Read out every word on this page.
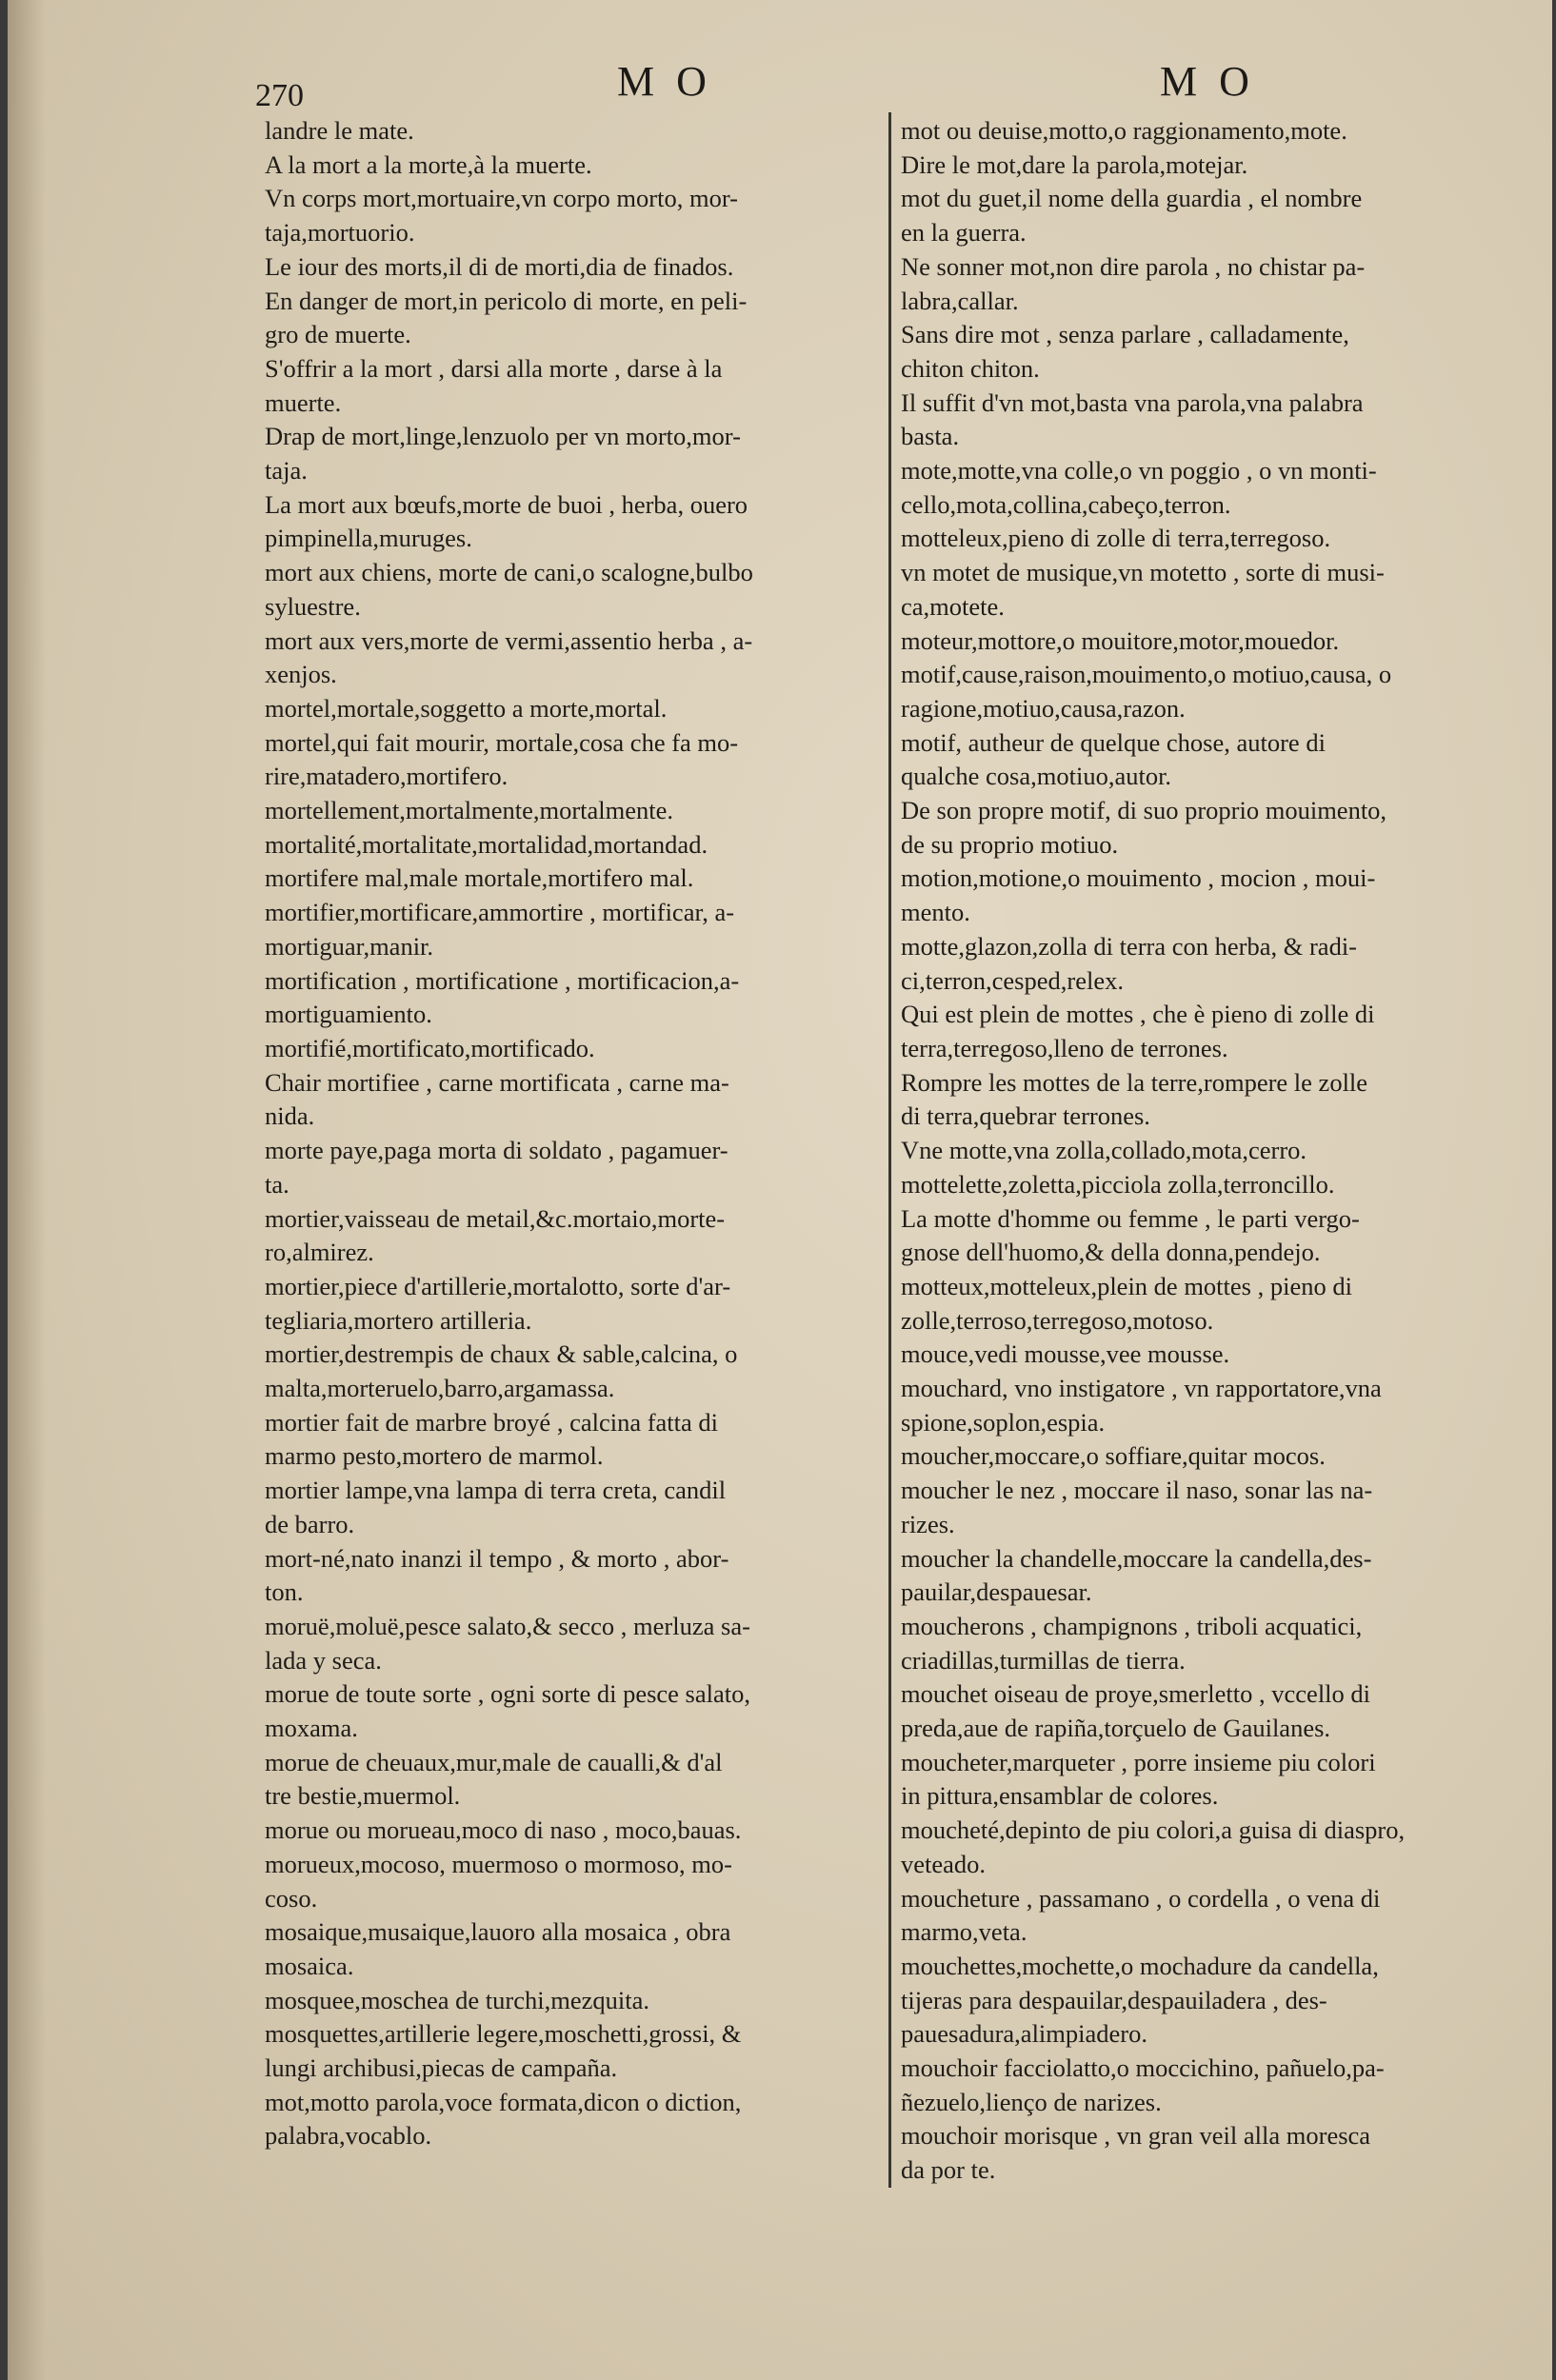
270	M O	M O
landre le mate.
A la mort a la morte,à la muerte.
Vn corps mort,mortuaire,vn corpo morto, mor-
taja,mortuorio.
Le iour des morts,il di de morti,dia de finados.
En danger de mort,in pericolo di morte, en peli-
gro de muerte.
S'offrir a la mort , darsi alla morte , darse à la
muerte.
Drap de mort,linge,lenzuolo per vn morto,mor-
taja.
La mort aux bœufs,morte de buoi , herba, ouero
pimpinella,muruges.
mort aux chiens, morte de cani,o scalogne,bulbo
syluestre.
mort aux vers,morte de vermi,assentio herba , a-
xenjos.
mortel,mortale,soggetto a morte,mortal.
mortel,qui fait mourir, mortale,cosa che fa mo-
rire,matadero,mortifero.
mortellement,mortalmente,mortalmente.
mortalité,mortalitate,mortalidad,mortandad.
mortifere mal,male mortale,mortifero mal.
mortifier,mortificare,ammortire , mortificar, a-
mortiguar,manir.
mortification , mortificatione , mortificacion,a-
mortiguamiento.
mortifié,mortificato,mortificado.
Chair mortifiee , carne mortificata , carne ma-
nida.
morte paye,paga morta di soldato , pagamuer-
ta.
mortier,vaisseau de metail,&c.mortaio,morte-
ro,almirez.
mortier,piece d'artillerie,mortalotto, sorte d'ar-
tegliaria,mortero artilleria.
mortier,destrempis de chaux & sable,calcina, o
malta,morteruelo,barro,argamassa.
mortier fait de marbre broyé , calcina fatta di
marmo pesto,mortero de marmol.
mortier lampe,vna lampa di terra creta, candil
de barro.
mort-né,nato inanzi il tempo , & morto , abor-
ton.
moruë,moluë,pesce salato,& secco , merluza sa-
lada y seca.
morue de toute sorte , ogni sorte di pesce salato,
moxama.
morue de cheuaux,mur,male de caualli,& d'al
tre bestie,muermol.
morue ou morueau,moco di naso , moco,bauas.
morueux,mocoso, muermoso o mormoso, mo-
coso.
mosaique,musaique,lauoro alla mosaica , obra
mosaica.
mosquee,moschea de turchi,mezquita.
mosquettes,artillerie legere,moschetti,grossi, &
lungi archibusi,piecas de campaña.
mot,motto parola,voce formata,dicon o diction,
palabra,vocablo.
mot ou deuise,motto,o raggionamento,mote.
Dire le mot,dare la parola,motejar.
mot du guet,il nome della guardia , el nombre
en la guerra.
Ne sonner mot,non dire parola , no chistar pa-
labra,callar.
Sans dire mot , senza parlare , calladamente,
chiton chiton.
Il suffit d'vn mot,basta vna parola,vna palabra
basta.
mote,motte,vna colle,o vn poggio , o vn monti-
cello,mota,collina,cabeço,terron.
motteleux,pieno di zolle di terra,terregoso.
vn motet de musique,vn motetto , sorte di musi-
ca,motete.
moteur,mottore,o mouitore,motor,mouedor.
motif,cause,raison,mouimento,o motiuo,causa, o
ragione,motiuo,causa,razon.
motif, autheur de quelque chose, autore di
qualche cosa,motiuo,autor.
De son propre motif, di suo proprio mouimento,
de su proprio motiuo.
motion,motione,o mouimento , mocion , moui-
mento.
motte,glazon,zolla di terra con herba, & radi-
ci,terron,cesped,relex.
Qui est plein de mottes , che è pieno di zolle di
terra,terregoso,lleno de terrones.
Rompre les mottes de la terre,rompere le zolle
di terra,quebrar terrones.
Vne motte,vna zolla,collado,mota,cerro.
mottelette,zoletta,picciola zolla,terroncillo.
La motte d'homme ou femme , le parti vergo-
gnose dell'huomo,& della donna,pendejo.
motteux,motteleux,plein de mottes , pieno di
zolle,terroso,terregoso,motoso.
mouce,vedi mousse,vee mousse.
mouchard, vno instigatore , vn rapportatore,vna
spione,soplon,espia.
moucher,moccare,o soffiare,quitar mocos.
moucher le nez , moccare il naso, sonar las na-
rizes.
moucher la chandelle,moccare la candella,des-
pauilar,despauesar.
moucherons , champignons , triboli acquatici,
criadillas,turmillas de tierra.
mouchet oiseau de proye,smerletto , vccello di
preda,aue de rapiña,torçuelo de Gauilanes.
moucheter,marqueter , porre insieme piu colori
in pittura,ensamblar de colores.
moucheté,depinto de piu colori,a guisa di diaspro,
veteado.
moucheture , passamano , o cordella , o vena di
marmo,veta.
mouchettes,mochette,o mochadure da candella,
tijeras para despauilar,despauiladera , des-
pauesadura,alimpiadero.
mouchoir facciolatto,o moccichino, pañuelo,pa-
ñezuelo,lienço de narizes.
mouchoir morisque , vn gran veil alla moresca
da por te.
